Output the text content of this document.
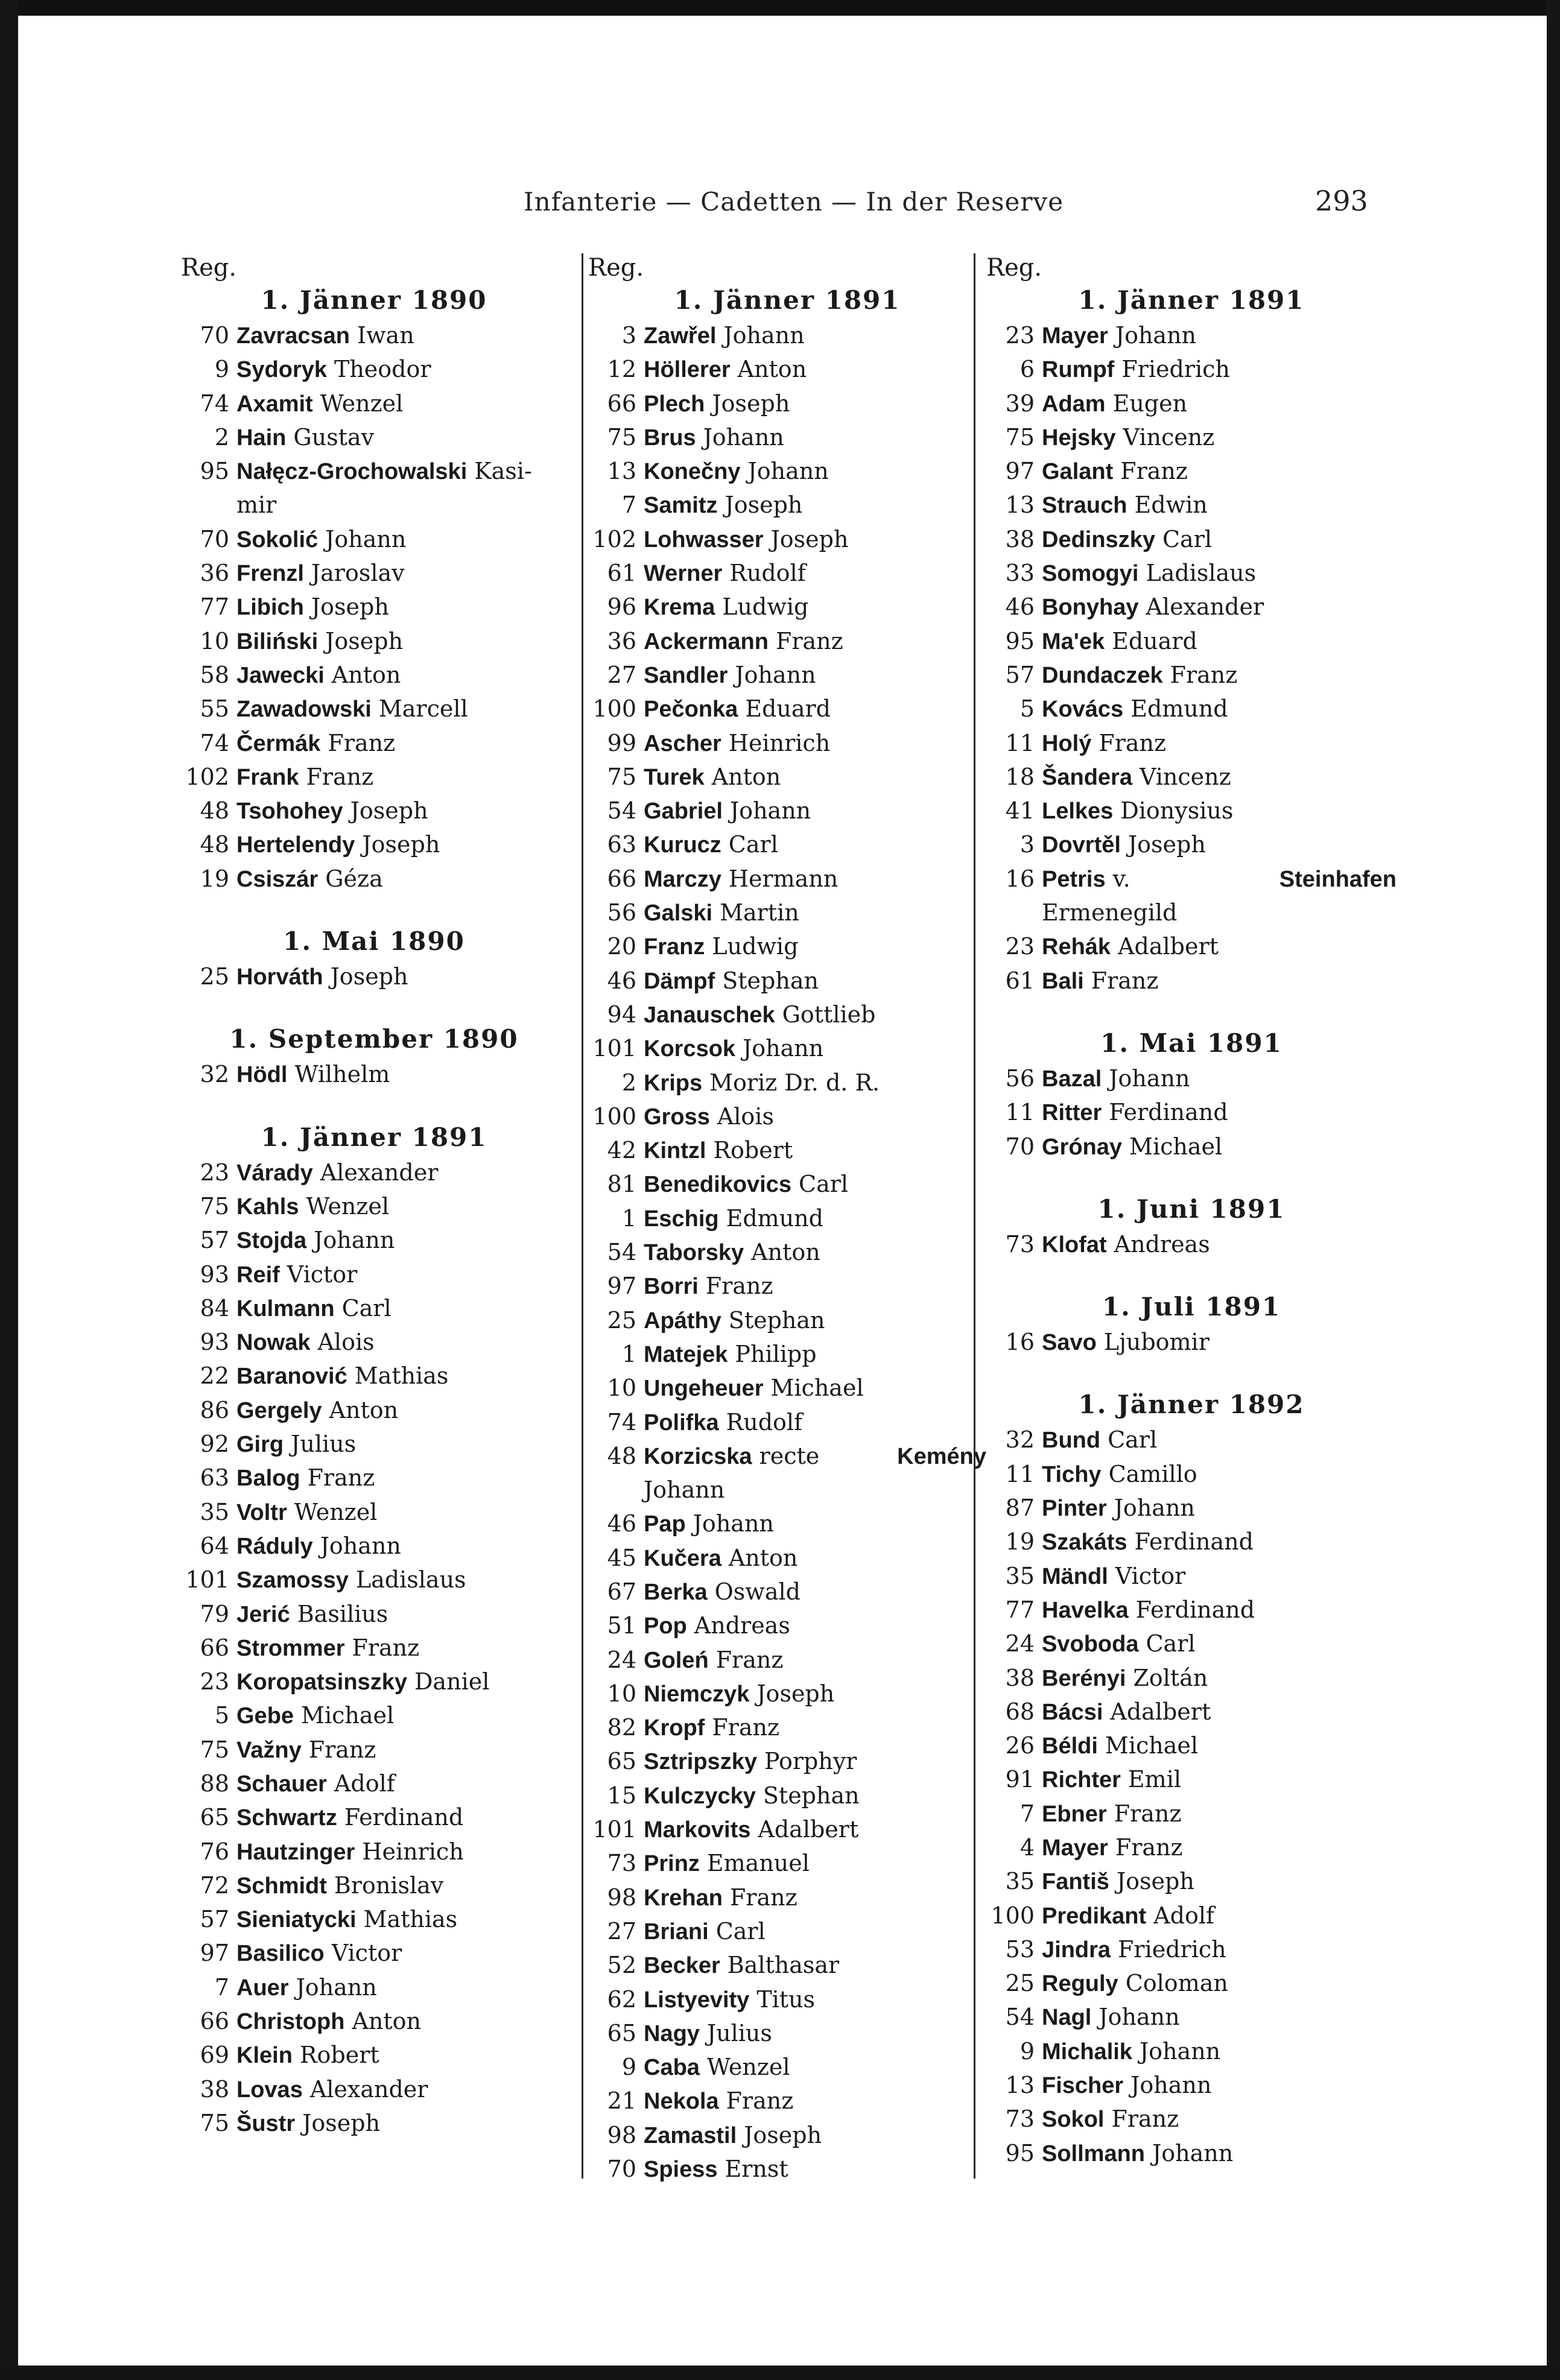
Infanterie — Cadetten — In der Reserve	293
Reg.
1. Jänner 1890
70 Zavracsan Iwan
9 Sydoryk Theodor
74 Axamit Wenzel
2 Hain Gustav
95 Nałęcz-Grochowalski Kasi-
mir
70 Sokolić Johann
36 Frenzl Jaroslav
77 Libich Joseph
10 Biliński Joseph
58 Jawecki Anton
55 Zawadowski Marcell
74 Čermák Franz
102 Frank Franz
48 Tsohohey Joseph
48 Hertelendy Joseph
19 Csiszár Géza
1. Mai 1890
25 Horváth Joseph
1. September 1890
32 Hödl Wilhelm
1. Jänner 1891
23 Várady Alexander
75 Kahls Wenzel
57 Stojda Johann
93 Reif Victor
84 Kulmann Carl
93 Nowak Alois
22 Baranović Mathias
86 Gergely Anton
92 Girg Julius
63 Balog Franz
35 Voltr Wenzel
64 Ráduly Johann
101 Szamossy Ladislaus
79 Jerić Basilius
66 Strommer Franz
23 Koropatsinszky Daniel
5 Gebe Michael
75 Važny Franz
88 Schauer Adolf
65 Schwartz Ferdinand
76 Hautzinger Heinrich
72 Schmidt Bronislav
57 Sieniatycki Mathias
97 Basilico Victor
7 Auer Johann
66 Christoph Anton
69 Klein Robert
38 Lovas Alexander
75 Šustr Joseph
Reg.
1. Jänner 1891
3 Zawřel Johann
12 Höllerer Anton
66 Plech Joseph
75 Brus Johann
13 Konečny Johann
7 Samitz Joseph
102 Lohwasser Joseph
61 Werner Rudolf
96 Krema Ludwig
36 Ackermann Franz
27 Sandler Johann
100 Pečonka Eduard
99 Ascher Heinrich
75 Turek Anton
54 Gabriel Johann
63 Kurucz Carl
66 Marczy Hermann
56 Galski Martin
20 Franz Ludwig
46 Dämpf Stephan
94 Janauschek Gottlieb
101 Korcsok Johann
2 Krips Moriz Dr. d. R.
100 Gross Alois
42 Kintzl Robert
81 Benedikovics Carl
1 Eschig Edmund
54 Taborsky Anton
97 Borri Franz
25 Apáthy Stephan
1 Matejek Philipp
10 Ungeheuer Michael
74 Polifka Rudolf
48 Korzicska recte	Kemény
Johann
46 Pap Johann
45 Kučera Anton
67 Berka Oswald
51 Pop Andreas
24 Goleń Franz
10 Niemczyk Joseph
82 Kropf Franz
65 Sztripszky Porphyr
15 Kulczycky Stephan
101 Markovits Adalbert
73 Prinz Emanuel
98 Krehan Franz
27 Briani Carl
52 Becker Balthasar
62 Listyevity Titus
65 Nagy Julius
9 Caba Wenzel
21 Nekola Franz
98 Zamastil Joseph
70 Spiess Ernst
Reg.
1. Jänner 1891
23 Mayer Johann
6 Rumpf Friedrich
39 Adam Eugen
75 Hejsky Vincenz
97 Galant Franz
13 Strauch Edwin
38 Dedinszky Carl
33 Somogyi Ladislaus
46 Bonyhay Alexander
95 Ma'ek Eduard
57 Dundaczek Franz
5 Kovács Edmund
11 Holý Franz
18 Šandera Vincenz
41 Lelkes Dionysius
3 Dovrtěl Joseph
16 Petris v.	Steinhafen
Ermenegild
23 Rehák Adalbert
61 Bali Franz
1. Mai 1891
56 Bazal Johann
11 Ritter Ferdinand
70 Grónay Michael
1. Juni 1891
73 Klofat Andreas
1. Juli 1891
16 Savo Ljubomir
1. Jänner 1892
32 Bund Carl
11 Tichy Camillo
87 Pinter Johann
19 Szakáts Ferdinand
35 Mändl Victor
77 Havelka Ferdinand
24 Svoboda Carl
38 Berényi Zoltán
68 Bácsi Adalbert
26 Béldi Michael
91 Richter Emil
7 Ebner Franz
4 Mayer Franz
35 Fantiš Joseph
100 Predikant Adolf
53 Jindra Friedrich
25 Reguly Coloman
54 Nagl Johann
9 Michalik Johann
13 Fischer Johann
73 Sokol Franz
95 Sollmann Johann
